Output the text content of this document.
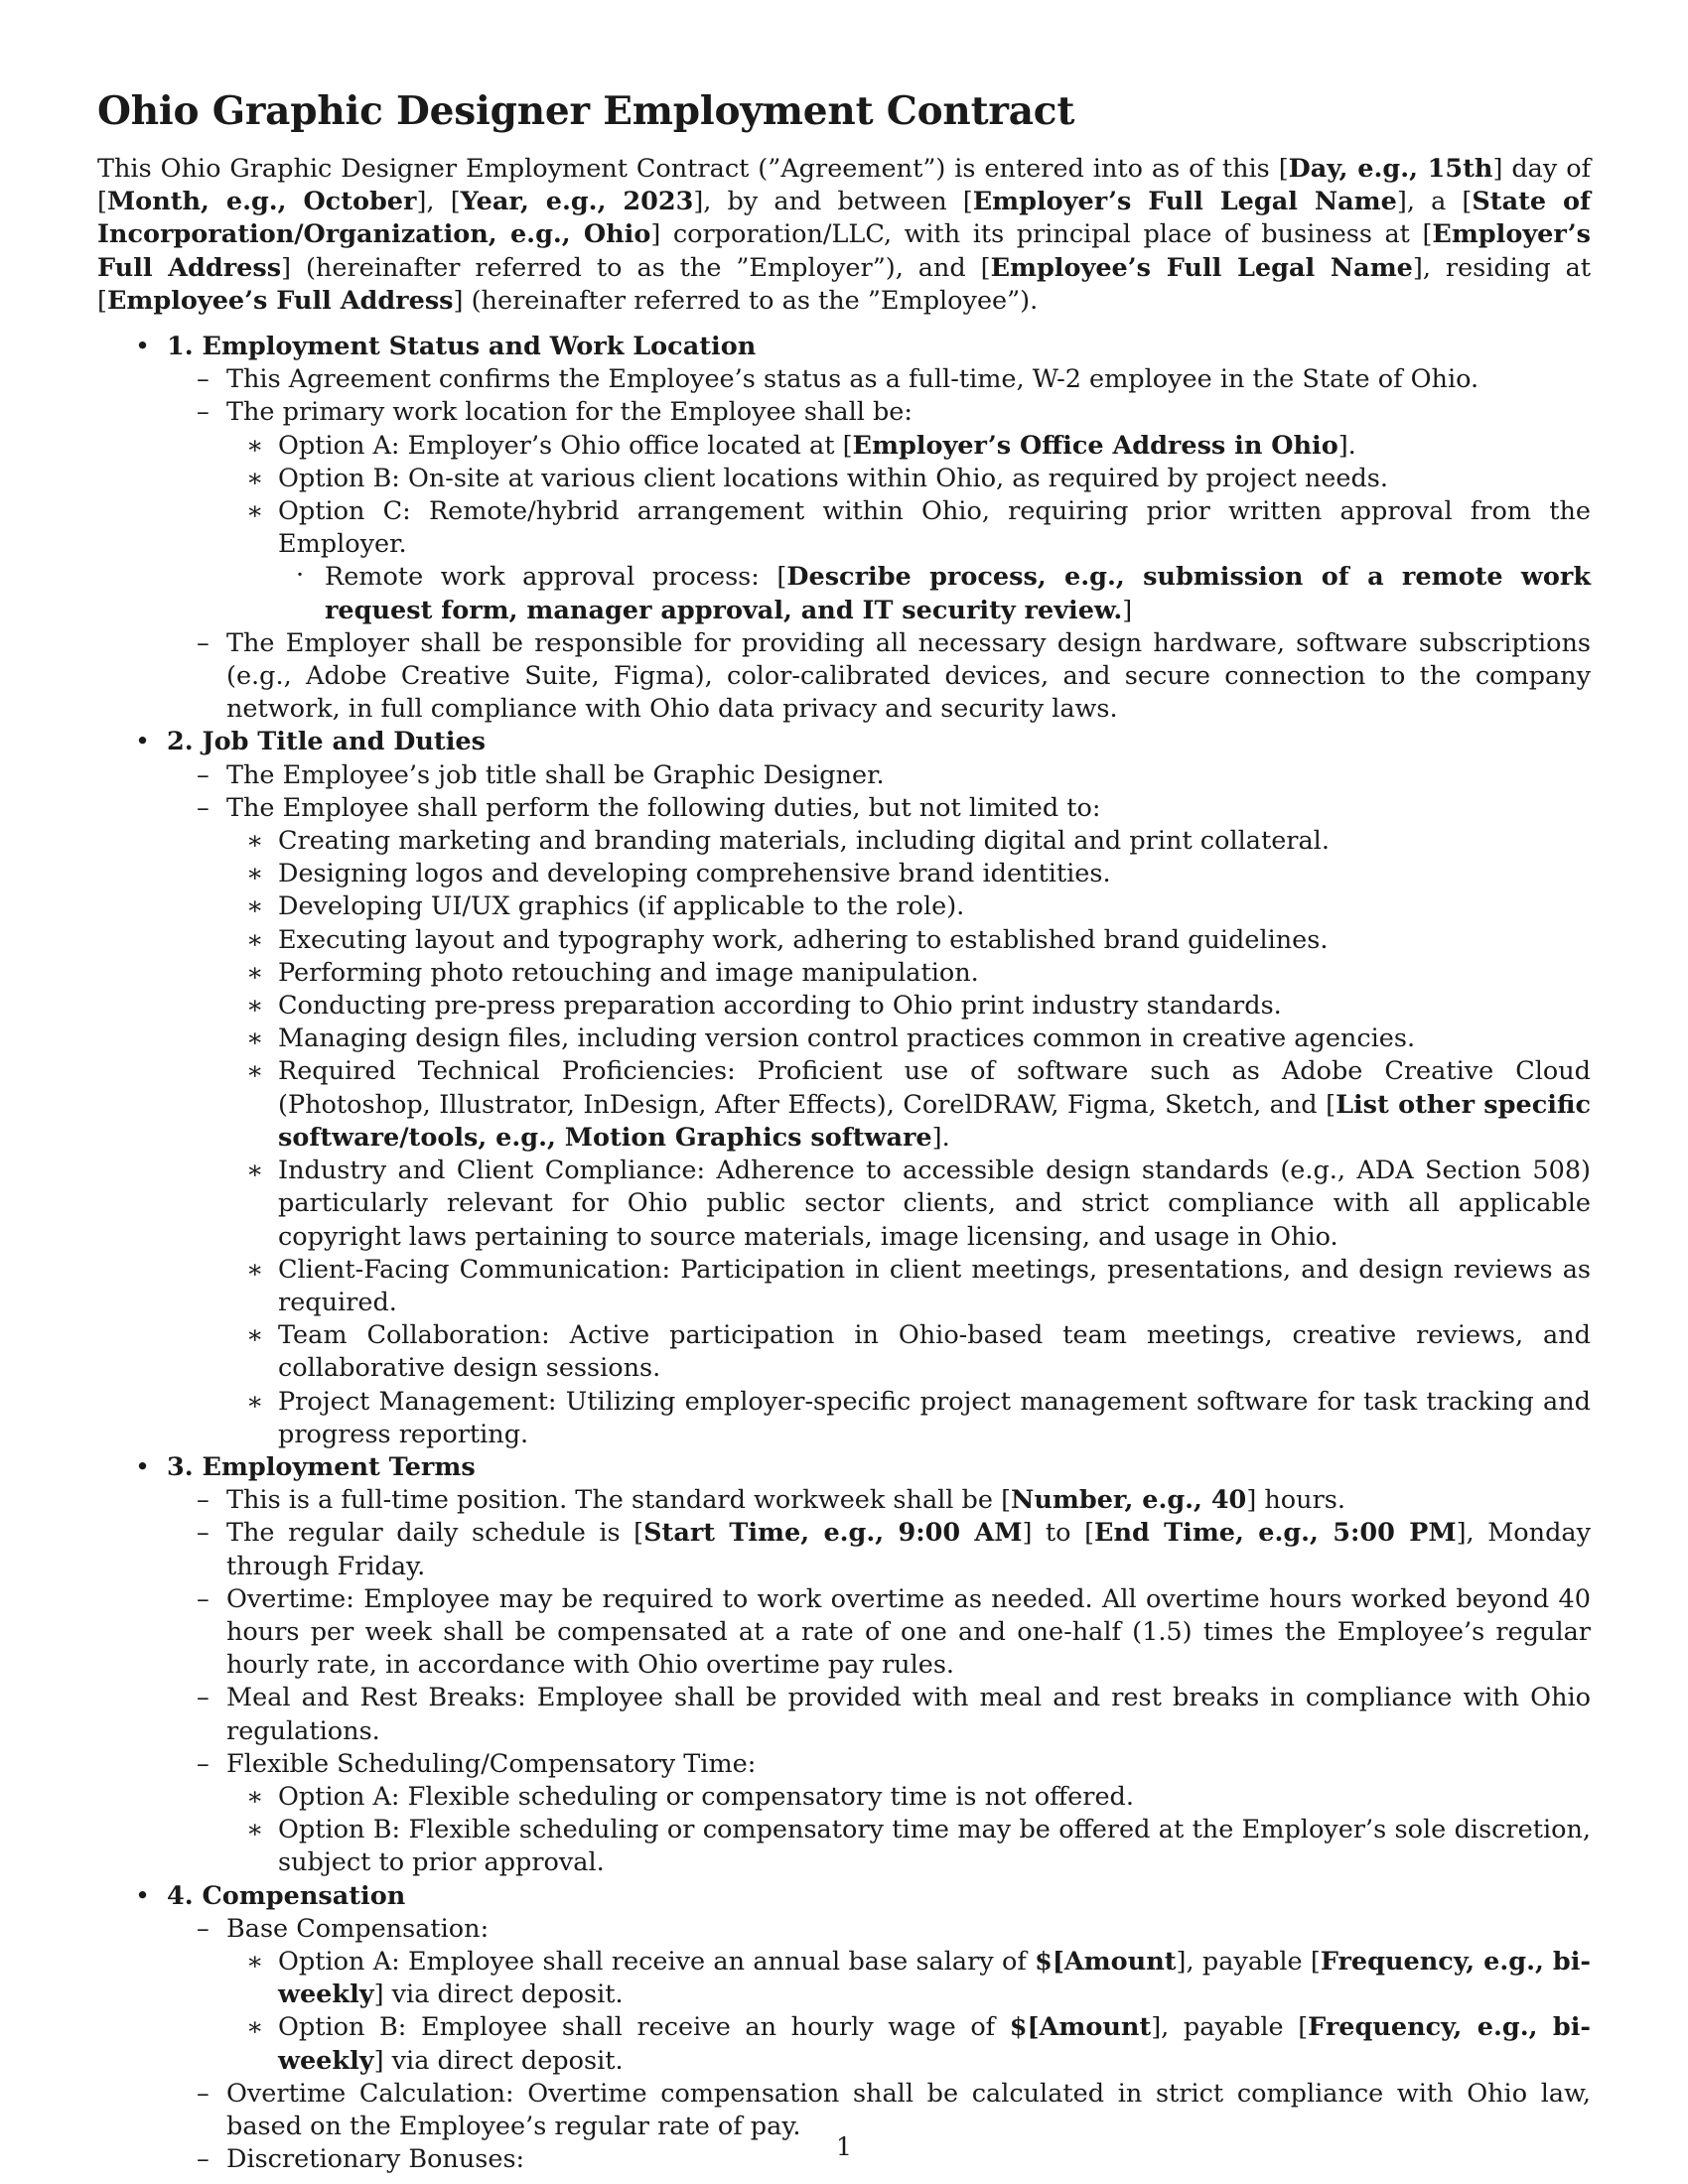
Ohio Graphic Designer Employment Contract

This Ohio Graphic Designer Employment Contract (”Agreement”) is entered into as of this [Day, e.g., 15th] day of [Month, e.g., October], [Year, e.g., 2023], by and between [Employer’s Full Legal Name], a [State of Incorporation/Organization, e.g., Ohio] corporation/LLC, with its principal place of business at [Employer’s Full Address] (hereinafter referred to as the ”Employer”), and [Employee’s Full Legal Name], residing at [Employee’s Full Address] (hereinafter referred to as the ”Employee”).

• 1. Employment Status and Work Location
– This Agreement confirms the Employee’s status as a full-time, W-2 employee in the State of Ohio.
– The primary work location for the Employee shall be:
∗ Option A: Employer’s Ohio office located at [Employer’s Office Address in Ohio].
∗ Option B: On-site at various client locations within Ohio, as required by project needs.
∗ Option C: Remote/hybrid arrangement within Ohio, requiring prior written approval from the Employer.
· Remote work approval process: [Describe process, e.g., submission of a remote work request form, manager approval, and IT security review.]
– The Employer shall be responsible for providing all necessary design hardware, software subscriptions (e.g., Adobe Creative Suite, Figma), color-calibrated devices, and secure connection to the company network, in full compliance with Ohio data privacy and security laws.
• 2. Job Title and Duties
– The Employee’s job title shall be Graphic Designer.
– The Employee shall perform the following duties, but not limited to:
∗ Creating marketing and branding materials, including digital and print collateral.
∗ Designing logos and developing comprehensive brand identities.
∗ Developing UI/UX graphics (if applicable to the role).
∗ Executing layout and typography work, adhering to established brand guidelines.
∗ Performing photo retouching and image manipulation.
∗ Conducting pre-press preparation according to Ohio print industry standards.
∗ Managing design files, including version control practices common in creative agencies.
∗ Required Technical Proficiencies: Proficient use of software such as Adobe Creative Cloud (Photoshop, Illustrator, InDesign, After Effects), CorelDRAW, Figma, Sketch, and [List other specific software/tools, e.g., Motion Graphics software].
∗ Industry and Client Compliance: Adherence to accessible design standards (e.g., ADA Section 508) particularly relevant for Ohio public sector clients, and strict compliance with all applicable copyright laws pertaining to source materials, image licensing, and usage in Ohio.
∗ Client-Facing Communication: Participation in client meetings, presentations, and design reviews as required.
∗ Team Collaboration: Active participation in Ohio-based team meetings, creative reviews, and collaborative design sessions.
∗ Project Management: Utilizing employer-specific project management software for task tracking and progress reporting.
• 3. Employment Terms
– This is a full-time position. The standard workweek shall be [Number, e.g., 40] hours.
– The regular daily schedule is [Start Time, e.g., 9:00 AM] to [End Time, e.g., 5:00 PM], Monday through Friday.
– Overtime: Employee may be required to work overtime as needed. All overtime hours worked beyond 40 hours per week shall be compensated at a rate of one and one-half (1.5) times the Employee’s regular hourly rate, in accordance with Ohio overtime pay rules.
– Meal and Rest Breaks: Employee shall be provided with meal and rest breaks in compliance with Ohio regulations.
– Flexible Scheduling/Compensatory Time:
∗ Option A: Flexible scheduling or compensatory time is not offered.
∗ Option B: Flexible scheduling or compensatory time may be offered at the Employer’s sole discretion, subject to prior approval.
• 4. Compensation
– Base Compensation:
∗ Option A: Employee shall receive an annual base salary of $[Amount], payable [Frequency, e.g., bi-weekly] via direct deposit.
∗ Option B: Employee shall receive an hourly wage of $[Amount], payable [Frequency, e.g., bi-weekly] via direct deposit.
– Overtime Calculation: Overtime compensation shall be calculated in strict compliance with Ohio law, based on the Employee’s regular rate of pay.
– Discretionary Bonuses:	1
